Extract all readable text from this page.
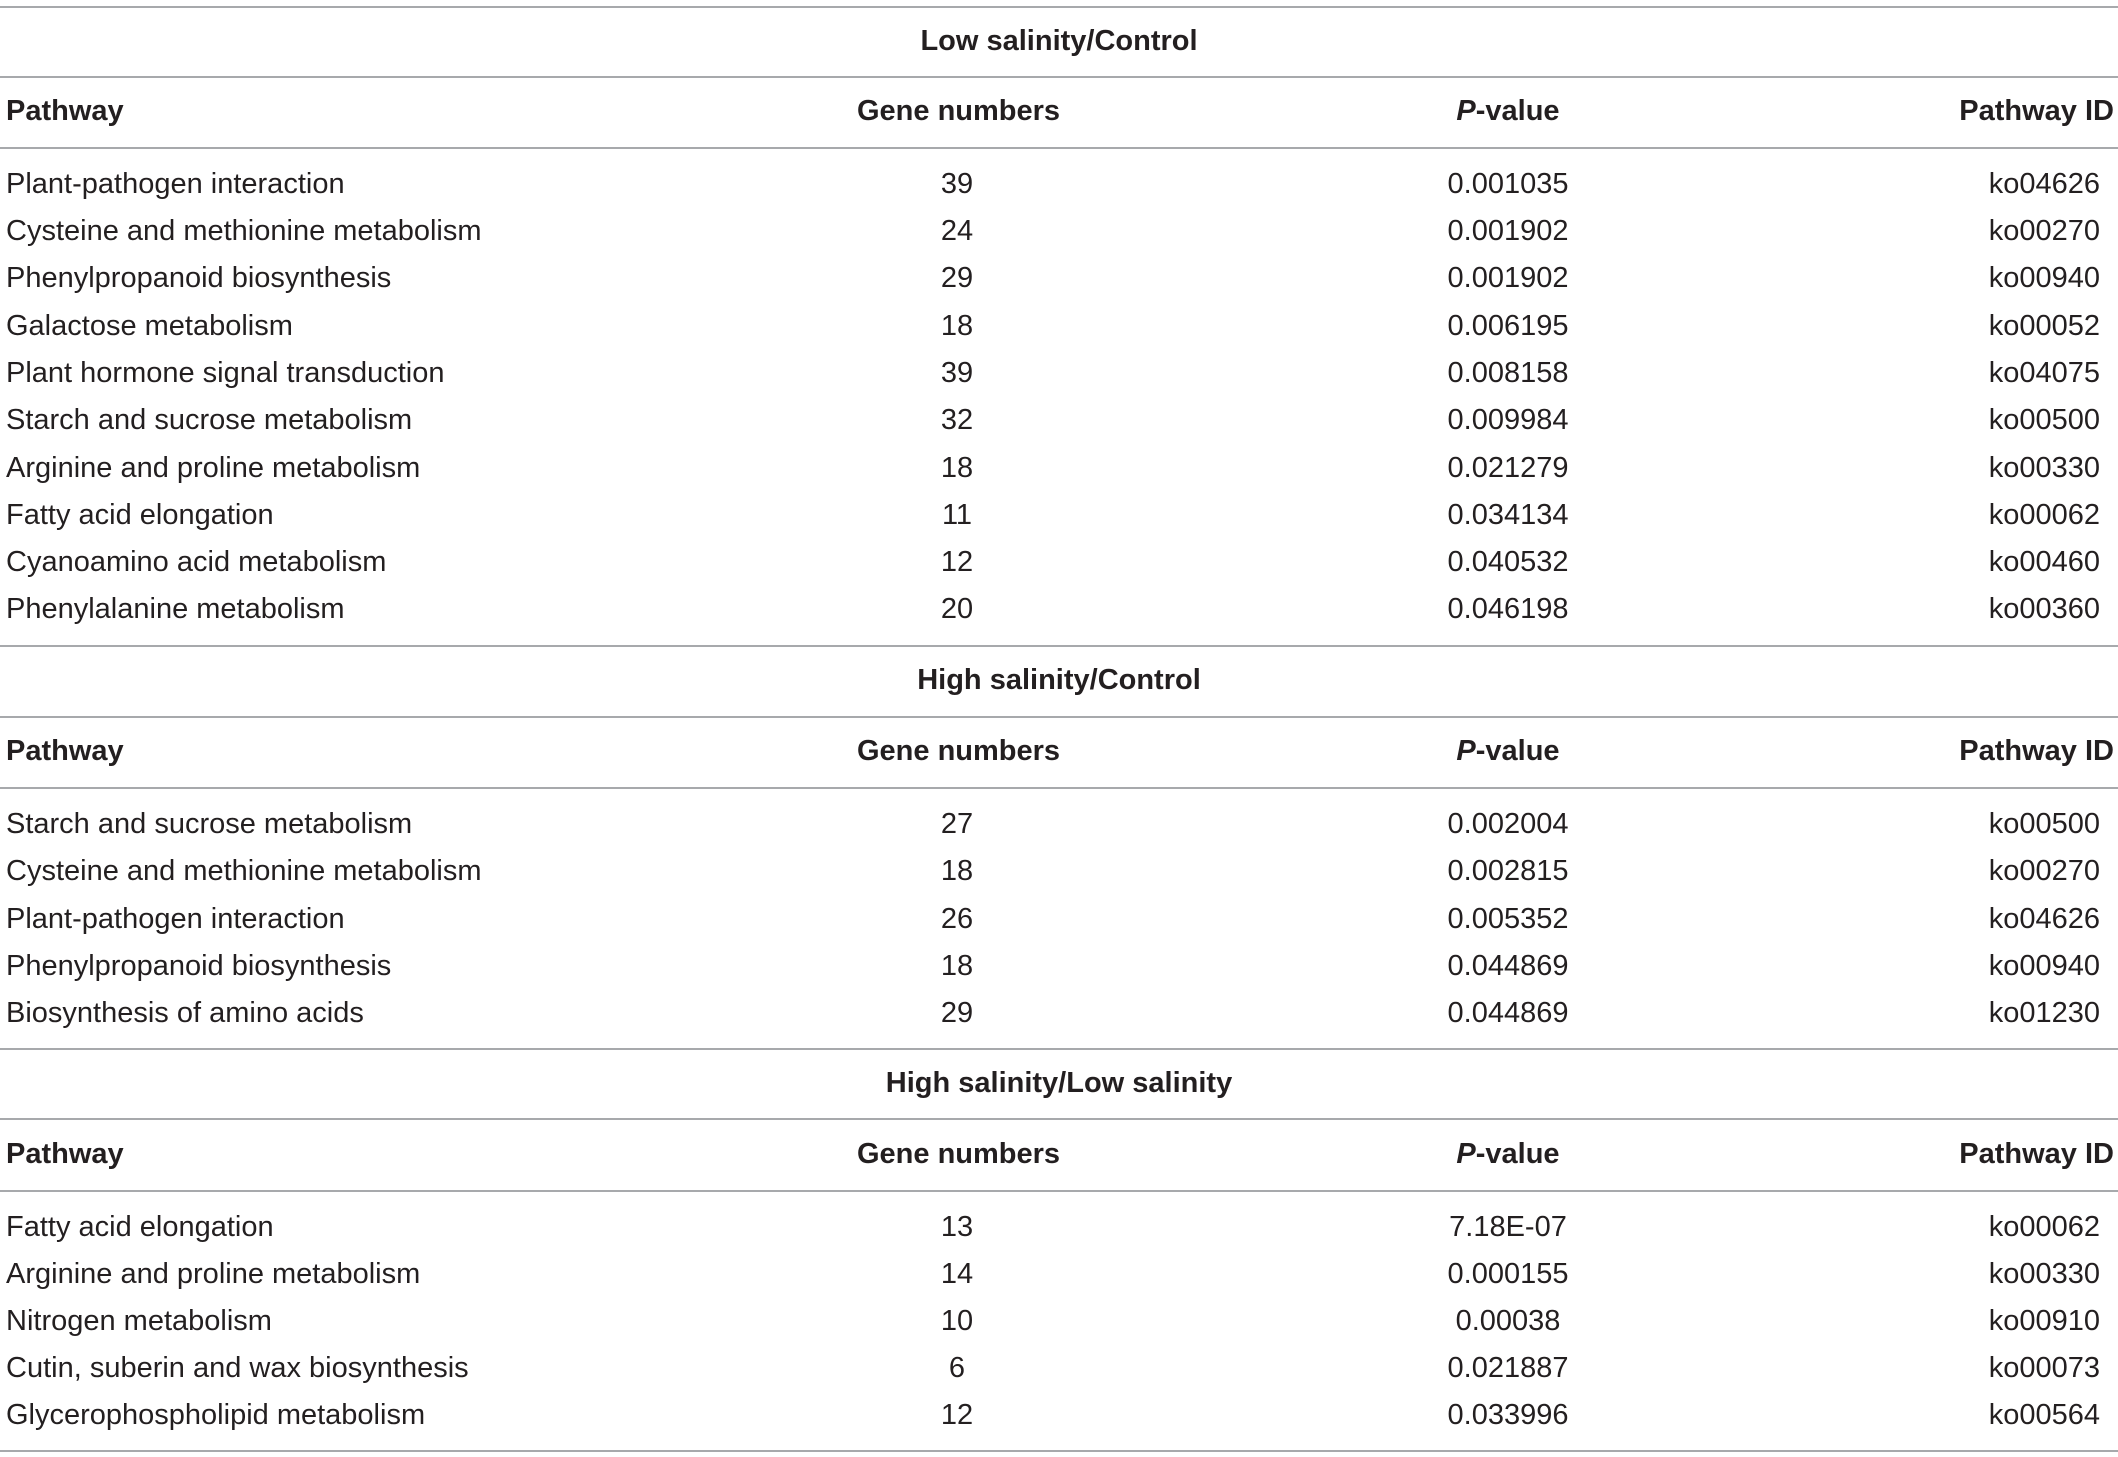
Low salinity/Control
Pathway	Gene numbers	P-value	Pathway ID
Plant-pathogen interaction	39	0.001035	ko04626
Cysteine and methionine metabolism	24	0.001902	ko00270
Phenylpropanoid biosynthesis	29	0.001902	ko00940
Galactose metabolism	18	0.006195	ko00052
Plant hormone signal transduction	39	0.008158	ko04075
Starch and sucrose metabolism	32	0.009984	ko00500
Arginine and proline metabolism	18	0.021279	ko00330
Fatty acid elongation	11	0.034134	ko00062
Cyanoamino acid metabolism	12	0.040532	ko00460
Phenylalanine metabolism	20	0.046198	ko00360
High salinity/Control
Pathway	Gene numbers	P-value	Pathway ID
Starch and sucrose metabolism	27	0.002004	ko00500
Cysteine and methionine metabolism	18	0.002815	ko00270
Plant-pathogen interaction	26	0.005352	ko04626
Phenylpropanoid biosynthesis	18	0.044869	ko00940
Biosynthesis of amino acids	29	0.044869	ko01230
High salinity/Low salinity
Pathway	Gene numbers	P-value	Pathway ID
Fatty acid elongation	13	7.18E-07	ko00062
Arginine and proline metabolism	14	0.000155	ko00330
Nitrogen metabolism	10	0.00038	ko00910
Cutin, suberin and wax biosynthesis	6	0.021887	ko00073
Glycerophospholipid metabolism	12	0.033996	ko00564
